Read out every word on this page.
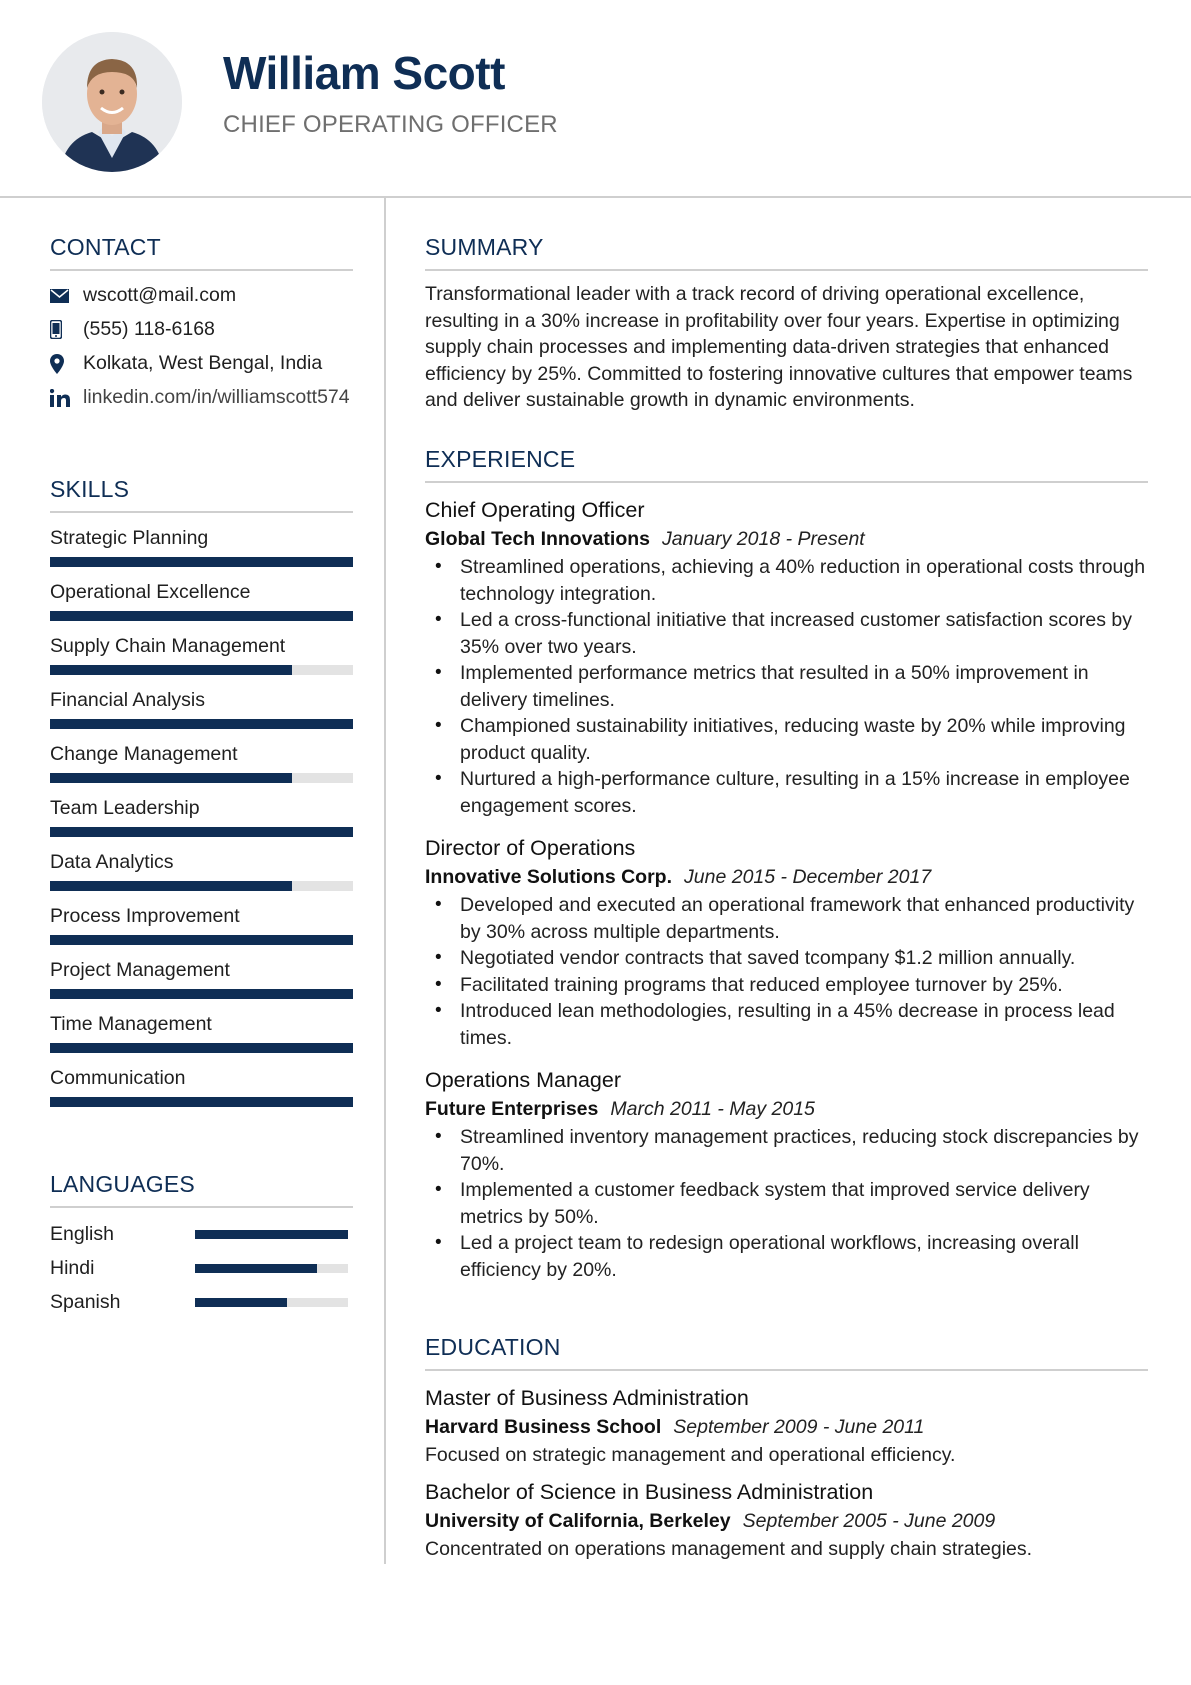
William Scott
CHIEF OPERATING OFFICER
CONTACT
wscott@mail.com
(555) 118-6168
Kolkata, West Bengal, India
linkedin.com/in/williamscott574
SKILLS
Strategic Planning
Operational Excellence
Supply Chain Management
Financial Analysis
Change Management
Team Leadership
Data Analytics
Process Improvement
Project Management
Time Management
Communication
LANGUAGES
English
Hindi
Spanish
SUMMARY

Transformational leader with a track record of driving operational excellence, resulting in a 30% increase in profitability over four years. Expertise in optimizing supply chain processes and implementing data-driven strategies that enhanced efficiency by 25%. Committed to fostering innovative cultures that empower teams and deliver sustainable growth in dynamic environments.

EXPERIENCE
Chief Operating Officer
Global Tech Innovations January 2018 - Present
• Streamlined operations, achieving a 40% reduction in operational costs through technology integration.
• Led a cross-functional initiative that increased customer satisfaction scores by 35% over two years.
• Implemented performance metrics that resulted in a 50% improvement in delivery timelines.
• Championed sustainability initiatives, reducing waste by 20% while improving product quality.
• Nurtured a high-performance culture, resulting in a 15% increase in employee engagement scores.
Director of Operations
Innovative Solutions Corp. June 2015 - December 2017
• Developed and executed an operational framework that enhanced productivity by 30% across multiple departments.
• Negotiated vendor contracts that saved tcompany $1.2 million annually.
• Facilitated training programs that reduced employee turnover by 25%.
• Introduced lean methodologies, resulting in a 45% decrease in process lead times.
Operations Manager
Future Enterprises March 2011 - May 2015
• Streamlined inventory management practices, reducing stock discrepancies by 70%.
• Implemented a customer feedback system that improved service delivery metrics by 50%.
• Led a project team to redesign operational workflows, increasing overall efficiency by 20%.
EDUCATION
Master of Business Administration
Harvard Business School September 2009 - June 2011
Focused on strategic management and operational efficiency.
Bachelor of Science in Business Administration
University of California, Berkeley September 2005 - June 2009
Concentrated on operations management and supply chain strategies.
